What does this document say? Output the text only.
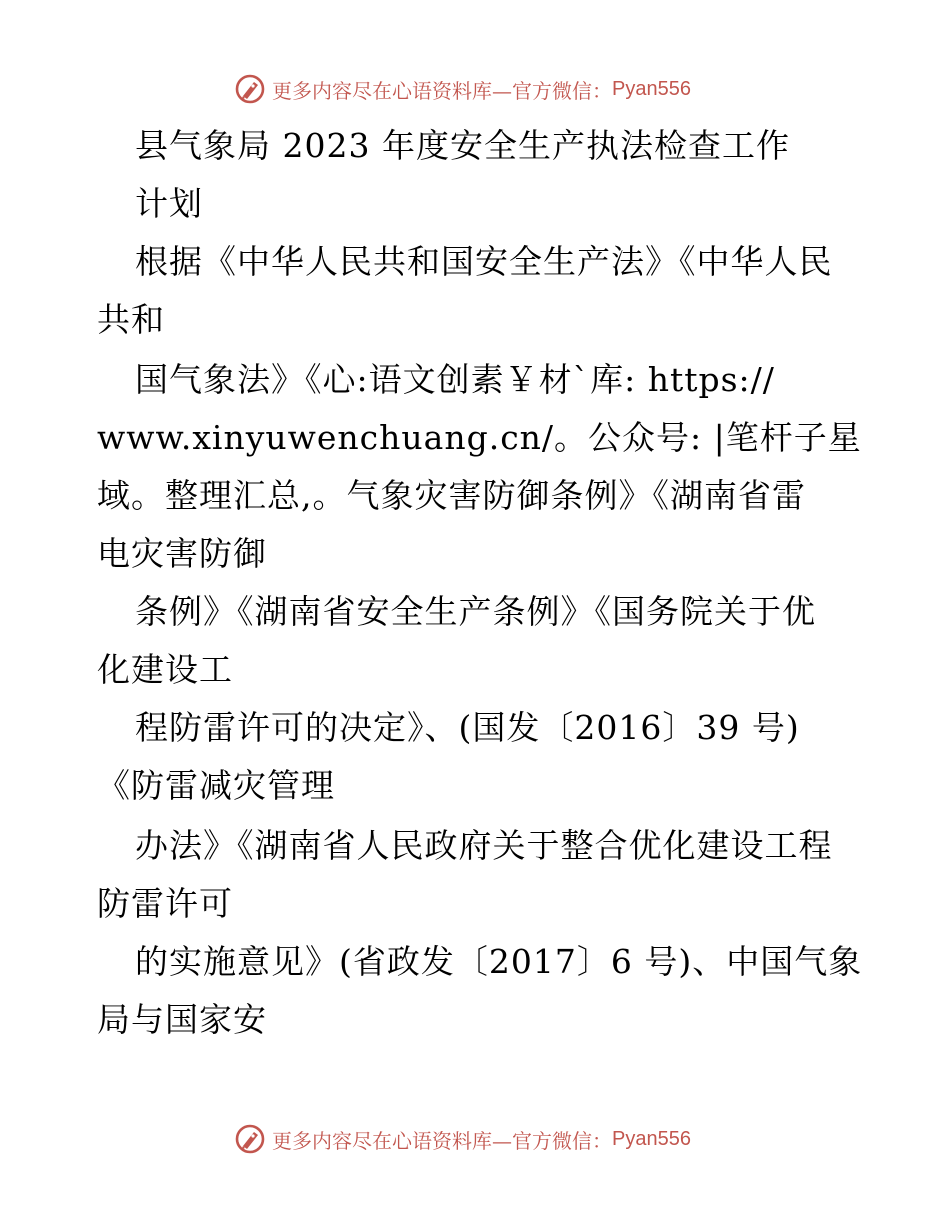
更多内容尽在心语资料库—官方微信： Pyan556
县气象局 2023 年度安全生产执法检查工作
计划
根据《中华人民共和国安全生产法》《中华人民
共和
国气象法》《心:语文创素￥材`库: https://
www.xinyuwenchuang.cn/。公众号: |笔杆子星
域。整理汇总,。气象灾害防御条例》《湖南省雷
电灾害防御
条例》《湖南省安全生产条例》《国务院关于优
化建设工
程防雷许可的决定》、(国发〔2016〕39 号)
《防雷减灾管理
办法》《湖南省人民政府关于整合优化建设工程
防雷许可
的实施意见》(省政发〔2017〕6 号)、中国气象
局与国家安
更多内容尽在心语资料库—官方微信： Pyan556
